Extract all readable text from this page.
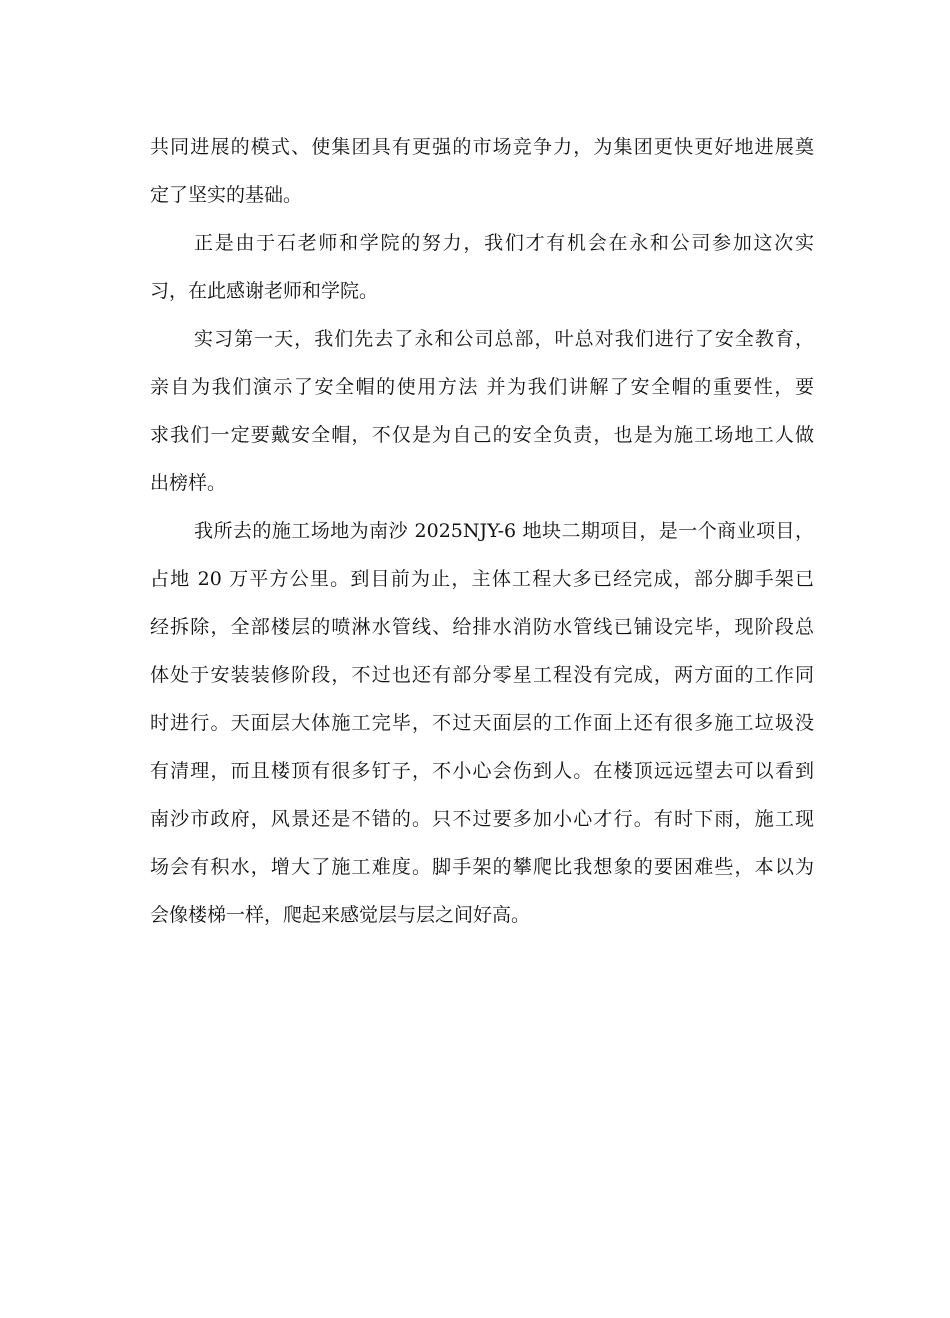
共同进展的模式、使集团具有更强的市场竞争力，为集团更快更好地进展奠
定了坚实的基础。
正是由于石老师和学院的努力，我们才有机会在永和公司参加这次实
习，在此感谢老师和学院。
实习第一天，我们先去了永和公司总部，叶总对我们进行了安全教育，
亲自为我们演示了安全帽的使用方法 并为我们讲解了安全帽的重要性，要
求我们一定要戴安全帽，不仅是为自己的安全负责，也是为施工场地工人做
出榜样。
我所去的施工场地为南沙 2025NJY-6 地块二期项目，是一个商业项目，
占地 20 万平方公里。到目前为止，主体工程大多已经完成，部分脚手架已
经拆除，全部楼层的喷淋水管线、给排水消防水管线已铺设完毕，现阶段总
体处于安装装修阶段，不过也还有部分零星工程没有完成，两方面的工作同
时进行。天面层大体施工完毕，不过天面层的工作面上还有很多施工垃圾没
有清理，而且楼顶有很多钉子，不小心会伤到人。在楼顶远远望去可以看到
南沙市政府，风景还是不错的。只不过要多加小心才行。有时下雨，施工现
场会有积水，增大了施工难度。脚手架的攀爬比我想象的要困难些，本以为
会像楼梯一样，爬起来感觉层与层之间好高。
